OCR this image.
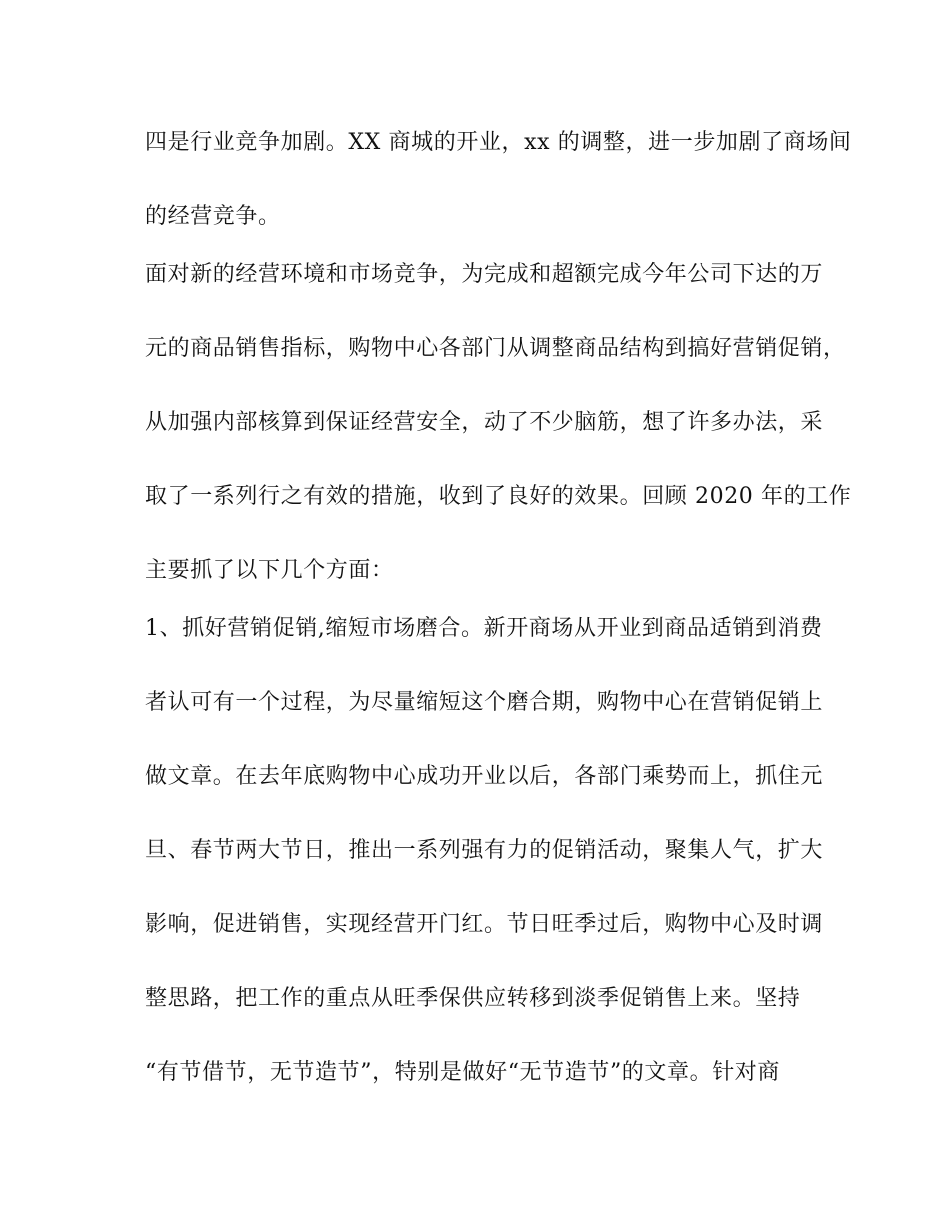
四是行业竞争加剧。XX 商城的开业，xx 的调整，进一步加剧了商场间
的经营竞争。
面对新的经营环境和市场竞争，为完成和超额完成今年公司下达的万
元的商品销售指标，购物中心各部门从调整商品结构到搞好营销促销，
从加强内部核算到保证经营安全，动了不少脑筋，想了许多办法，采
取了一系列行之有效的措施，收到了良好的效果。回顾 2020 年的工作
主要抓了以下几个方面：
1、抓好营销促销,缩短市场磨合。新开商场从开业到商品适销到消费
者认可有一个过程，为尽量缩短这个磨合期，购物中心在营销促销上
做文章。在去年底购物中心成功开业以后，各部门乘势而上，抓住元
旦、春节两大节日，推出一系列强有力的促销活动，聚集人气，扩大
影响，促进销售，实现经营开门红。节日旺季过后，购物中心及时调
整思路，把工作的重点从旺季保供应转移到淡季促销售上来。坚持
“有节借节，无节造节”，特别是做好“无节造节”的文章。针对商
